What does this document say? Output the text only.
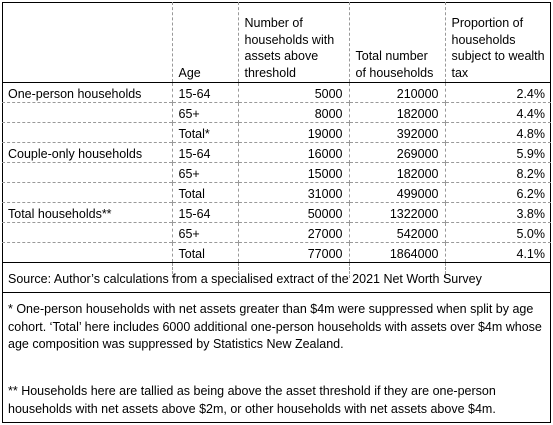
	Age	Number of households with assets above threshold	Total number of households	Proportion of households subject to wealth tax
One-person households	15-64	5000	210000	2.4%
	65+	8000	182000	4.4%
	Total*	19000	392000	4.8%
Couple-only households	15-64	16000	269000	5.9%
	65+	15000	182000	8.2%
	Total	31000	499000	6.2%
Total households**	15-64	50000	1322000	3.8%
	65+	27000	542000	5.0%
	Total	77000	1864000	4.1%

Source: Author’s calculations from a specialised extract of the 2021 Net Worth Survey
* One-person households with net assets greater than $4m were suppressed when split by age cohort. ‘Total’ here includes 6000 additional one-person households with assets over $4m whose age composition was suppressed by Statistics New Zealand.
** Households here are tallied as being above the asset threshold if they are one-person households with net assets above $2m, or other households with net assets above $4m.
